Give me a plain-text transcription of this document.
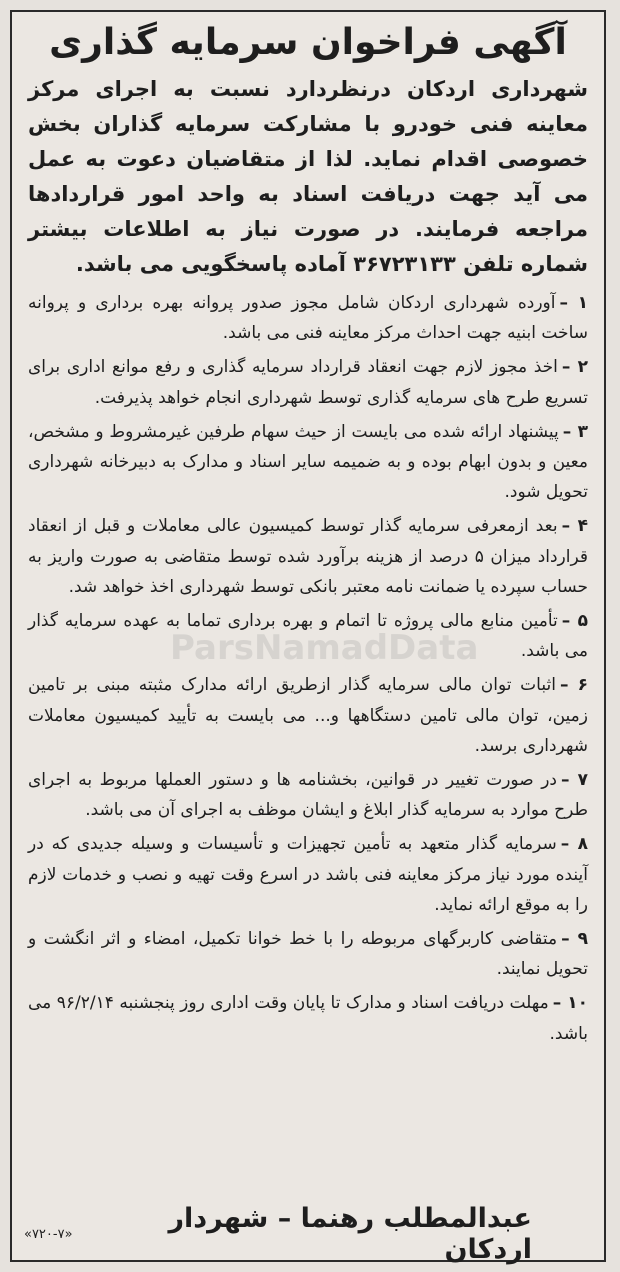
آگهی فراخوان سرمایه گذاری
شهرداری اردکان درنظردارد نسبت به اجرای مرکز معاینه فنی خودرو با مشارکت سرمایه گذاران بخش خصوصی اقدام نماید. لذا از متقاضیان دعوت به عمل می آید جهت دریافت اسناد به واحد امور قراردادها مراجعه فرمایند. در صورت نیاز به اطلاعات بیشتر شماره تلفن ۳۶۷۲۳۱۳۳ آماده پاسخگویی می باشد.
۱ –آورده شهرداری اردکان شامل مجوز صدور پروانه بهره برداری و پروانه ساخت ابنیه جهت احداث مرکز معاینه فنی می باشد.
۲ –اخذ مجوز لازم جهت انعقاد قرارداد سرمایه گذاری و رفع موانع اداری برای تسریع طرح های سرمایه گذاری توسط شهرداری انجام خواهد پذیرفت.
۳ –پیشنهاد ارائه شده می بایست از حیث سهام طرفین غیرمشروط و مشخص، معین و بدون ابهام بوده و به ضمیمه سایر اسناد و مدارک به دبیرخانه شهرداری تحویل شود.
۴ –بعد ازمعرفی سرمایه گذار توسط کمیسیون عالی معاملات و قبل از انعقاد قرارداد میزان ۵ درصد از هزینه برآورد شده توسط متقاضی به صورت واریز به حساب سپرده یا ضمانت نامه معتبر بانکی توسط شهرداری اخذ خواهد شد.
۵ –تأمین منابع مالی پروژه تا اتمام و بهره برداری تماما به عهده سرمایه گذار می باشد.
۶ –اثبات توان مالی سرمایه گذار ازطریق ارائه مدارک مثبته مبنی بر تامین زمین، توان مالی تامین دستگاهها و... می بایست به تأیید کمیسیون معاملات شهرداری برسد.
۷ –در صورت تغییر در قوانین، بخشنامه ها و دستور العملها مربوط به اجرای طرح موارد به سرمایه گذار ابلاغ و ایشان موظف به اجرای آن می باشد.
۸ –سرمایه گذار متعهد به تأمین تجهیزات و تأسیسات و وسیله جدیدی که در آینده مورد نیاز مرکز معاینه فنی باشد در اسرع وقت تهیه و نصب و خدمات لازم را به موقع ارائه نماید.
۹ –متقاضی کاربرگهای مربوطه را با خط خوانا تکمیل، امضاء و اثر انگشت و تحویل نمایند.
۱۰ –مهلت دریافت اسناد و مدارک تا پایان وقت اداری روز پنجشنبه ۹۶/۲/۱۴ می باشد.
عبدالمطلب رهنما – شهردار اردکان
«۷۲۰-۷»
